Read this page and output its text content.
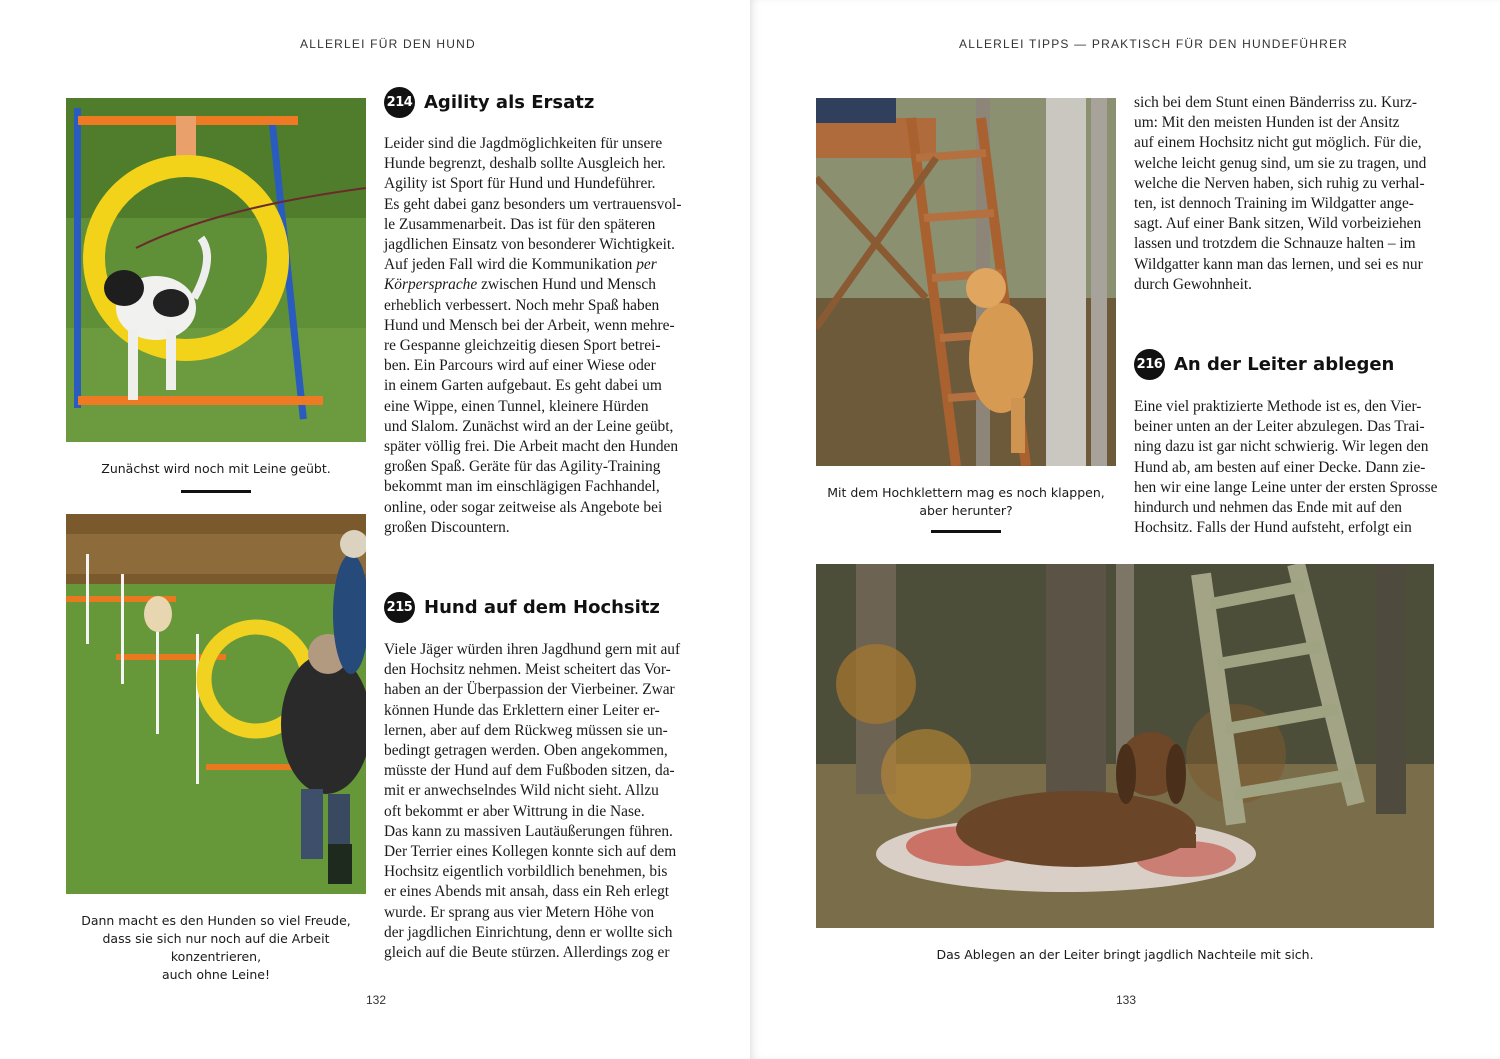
ALLERLEI FÜR DEN HUND
Zunächst wird noch mit Leine geübt.
Dann macht es den Hunden so viel Freude,
dass sie sich nur noch auf die Arbeit konzentrieren,
auch ohne Leine!
214 Agility als Ersatz
Leider sind die Jagdmöglichkeiten für unsere
Hunde begrenzt, deshalb sollte Ausgleich her.
Agility ist Sport für Hund und Hundeführer.
Es geht dabei ganz besonders um vertrauensvol-
le Zusammenarbeit. Das ist für den späteren
jagdlichen Einsatz von besonderer Wichtigkeit.
Auf jeden Fall wird die Kommunikation per
Körpersprache zwischen Hund und Mensch
erheblich verbessert. Noch mehr Spaß haben
Hund und Mensch bei der Arbeit, wenn mehre-
re Gespanne gleichzeitig diesen Sport betrei-
ben. Ein Parcours wird auf einer Wiese oder
in einem Garten aufgebaut. Es geht dabei um
eine Wippe, einen Tunnel, kleinere Hürden
und Slalom. Zunächst wird an der Leine geübt,
später völlig frei. Die Arbeit macht den Hunden
großen Spaß. Geräte für das Agility-Training
bekommt man im einschlägigen Fachhandel,
online, oder sogar zeitweise als Angebote bei
großen Discountern.
215 Hund auf dem Hochsitz
Viele Jäger würden ihren Jagdhund gern mit auf
den Hochsitz nehmen. Meist scheitert das Vor-
haben an der Überpassion der Vierbeiner. Zwar
können Hunde das Erklettern einer Leiter er-
lernen, aber auf dem Rückweg müssen sie un-
bedingt getragen werden. Oben angekommen,
müsste der Hund auf dem Fußboden sitzen, da-
mit er anwechselndes Wild nicht sieht. Allzu
oft bekommt er aber Wittrung in die Nase.
Das kann zu massiven Lautäußerungen führen.
Der Terrier eines Kollegen konnte sich auf dem
Hochsitz eigentlich vorbildlich benehmen, bis
er eines Abends mit ansah, dass ein Reh erlegt
wurde. Er sprang aus vier Metern Höhe von
der jagdlichen Einrichtung, denn er wollte sich
gleich auf die Beute stürzen. Allerdings zog er
132
ALLERLEI TIPPS — PRAKTISCH FÜR DEN HUNDEFÜHRER
Mit dem Hochklettern mag es noch klappen,
aber herunter?
sich bei dem Stunt einen Bänderriss zu. Kurz-
um: Mit den meisten Hunden ist der Ansitz
auf einem Hochsitz nicht gut möglich. Für die,
welche leicht genug sind, um sie zu tragen, und
welche die Nerven haben, sich ruhig zu verhal-
ten, ist dennoch Training im Wildgatter ange-
sagt. Auf einer Bank sitzen, Wild vorbeiziehen
lassen und trotzdem die Schnauze halten – im
Wildgatter kann man das lernen, und sei es nur
durch Gewohnheit.
216 An der Leiter ablegen
Eine viel praktizierte Methode ist es, den Vier-
beiner unten an der Leiter abzulegen. Das Trai-
ning dazu ist gar nicht schwierig. Wir legen den
Hund ab, am besten auf einer Decke. Dann zie-
hen wir eine lange Leine unter der ersten Sprosse
hindurch und nehmen das Ende mit auf den
Hochsitz. Falls der Hund aufsteht, erfolgt ein
Das Ablegen an der Leiter bringt jagdlich Nachteile mit sich.
133
